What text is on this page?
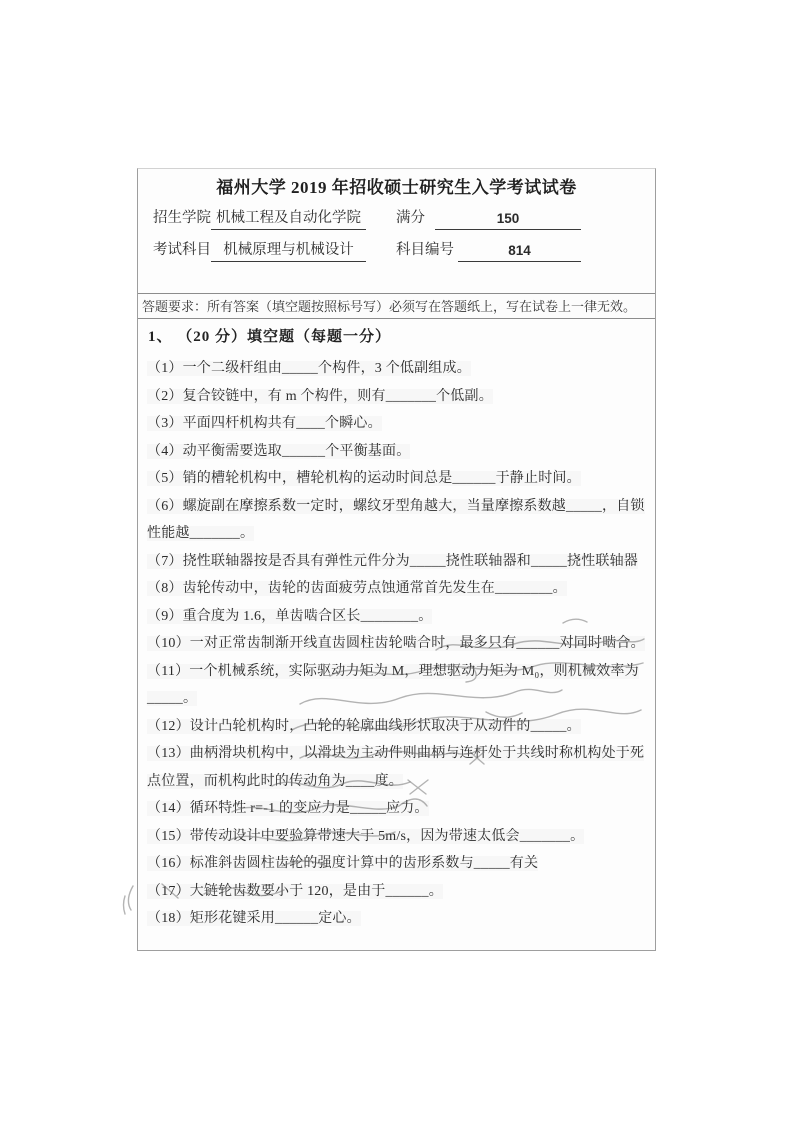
福州大学 2019 年招收硕士研究生入学考试试卷
招生学院 机械工程及自动化学院	满分	150
考试科目 机械原理与机械设计	科目编号	814
答题要求：所有答案（填空题按照标号写）必须写在答题纸上，写在试卷上一律无效。
1、 （20 分）填空题（每题一分）
（1）一个二级杆组由_____个构件，3 个低副组成。
（2）复合铰链中，有 m 个构件，则有_______个低副。
（3）平面四杆机构共有____个瞬心。
（4）动平衡需要选取______个平衡基面。
（5）销的槽轮机构中，槽轮机构的运动时间总是______于静止时间。
（6）螺旋副在摩擦系数一定时，螺纹牙型角越大，当量摩擦系数越_____，自锁性能越_______。
（7）挠性联轴器按是否具有弹性元件分为_____挠性联轴器和_____挠性联轴器
（8）齿轮传动中，齿轮的齿面疲劳点蚀通常首先发生在________。
（9）重合度为 1.6，单齿啮合区长________。
（10）一对正常齿制渐开线直齿圆柱齿轮啮合时，最多只有______对同时啮合。
（11）一个机械系统，实际驱动力矩为 M，理想驱动力矩为 M₀，则机械效率为_____。
（12）设计凸轮机构时，凸轮的轮廓曲线形状取决于从动件的_____。
（13）曲柄滑块机构中，以滑块为主动件则曲柄与连杆处于共线时称机构处于死点位置，而机构此时的传动角为____度。
（14）循环特性 r=-1 的变应力是_____应力。
（15）带传动设计中要验算带速大于 5m/s，因为带速太低会_______。
（16）标准斜齿圆柱齿轮的强度计算中的齿形系数与_____有关
（17）大链轮齿数要小于 120，是由于______。
（18）矩形花键采用______定心。
